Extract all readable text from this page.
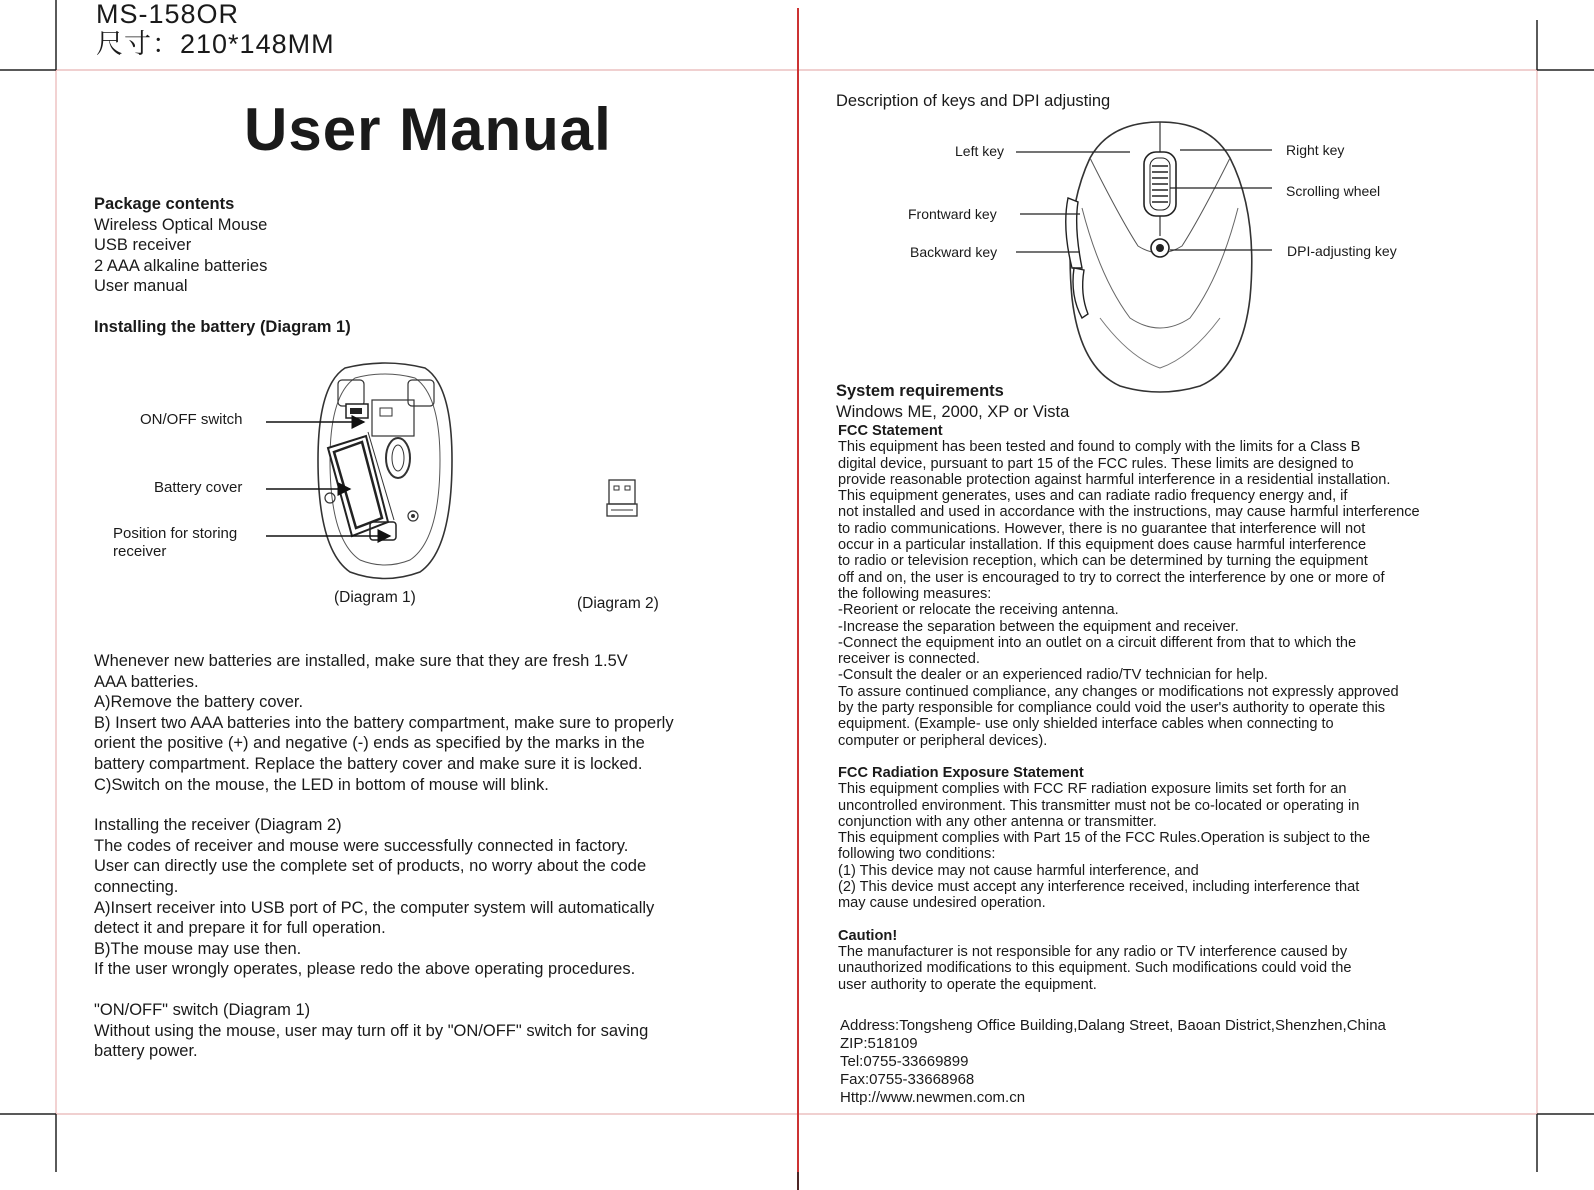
MS-158OR
尺寸：210*148MM
User Manual
Package contents
Wireless Optical Mouse
USB receiver
2 AAA alkaline batteries
User manual
Installing the battery (Diagram 1)
ON/OFF switch
Battery cover
Position for storing
receiver
(Diagram 1)	(Diagram 2)
Whenever new batteries are installed, make sure that they are fresh 1.5V
AAA batteries.
A)Remove the battery cover.
B) Insert two AAA batteries into the battery compartment, make sure to properly
orient the positive (+) and negative (-) ends as specified by the marks in the
battery compartment. Replace the battery cover and make sure it is locked.
C)Switch on the mouse, the LED in bottom of mouse will blink.
Installing the receiver (Diagram 2)
The codes of receiver and mouse were successfully connected in factory.
User can directly use the complete set of products, no worry about the code
connecting.
A)Insert receiver into USB port of PC, the computer system will automatically
detect it and prepare it for full operation.
B)The mouse may use then.
If the user wrongly operates, please redo the above operating procedures.
"ON/OFF" switch (Diagram 1)
Without using the mouse, user may turn off it by "ON/OFF" switch for saving
battery power.
Description of keys and DPI adjusting
Left key	Right key
Scrolling wheel
Frontward key
Backward key	DPI-adjusting key
System requirements
Windows ME, 2000, XP or Vista
FCC Statement
This equipment has been tested and found to comply with the limits for a Class B
digital device, pursuant to part 15 of the FCC rules. These limits are designed to
provide reasonable protection against harmful interference in a residential installation.
This equipment generates, uses and can radiate radio frequency energy and, if
not installed and used in accordance with the instructions, may cause harmful interference
to radio communications. However, there is no guarantee that interference will not
occur in a particular installation. If this equipment does cause harmful interference
to radio or television reception, which can be determined by turning the equipment
off and on, the user is encouraged to try to correct the interference by one or more of
the following measures:
-Reorient or relocate the receiving antenna.
-Increase the separation between the equipment and receiver.
-Connect the equipment into an outlet on a circuit different from that to which the
receiver is connected.
-Consult the dealer or an experienced radio/TV technician for help.
To assure continued compliance, any changes or modifications not expressly approved
by the party responsible for compliance could void the user's authority to operate this
equipment. (Example- use only shielded interface cables when connecting to
computer or peripheral devices).
FCC Radiation Exposure Statement
This equipment complies with FCC RF radiation exposure limits set forth for an
uncontrolled environment. This transmitter must not be co-located or operating in
conjunction with any other antenna or transmitter.
This equipment complies with Part 15 of the FCC Rules.Operation is subject to the
following two conditions:
(1) This device may not cause harmful interference, and
(2) This device must accept any interference received, including interference that
may cause undesired operation.
Caution!
The manufacturer is not responsible for any radio or TV interference caused by
unauthorized modifications to this equipment. Such modifications could void the
user authority to operate the equipment.
Address:Tongsheng Office Building,Dalang Street, Baoan District,Shenzhen,China
ZIP:518109
Tel:0755-33669899
Fax:0755-33668968
Http://www.newmen.com.cn
